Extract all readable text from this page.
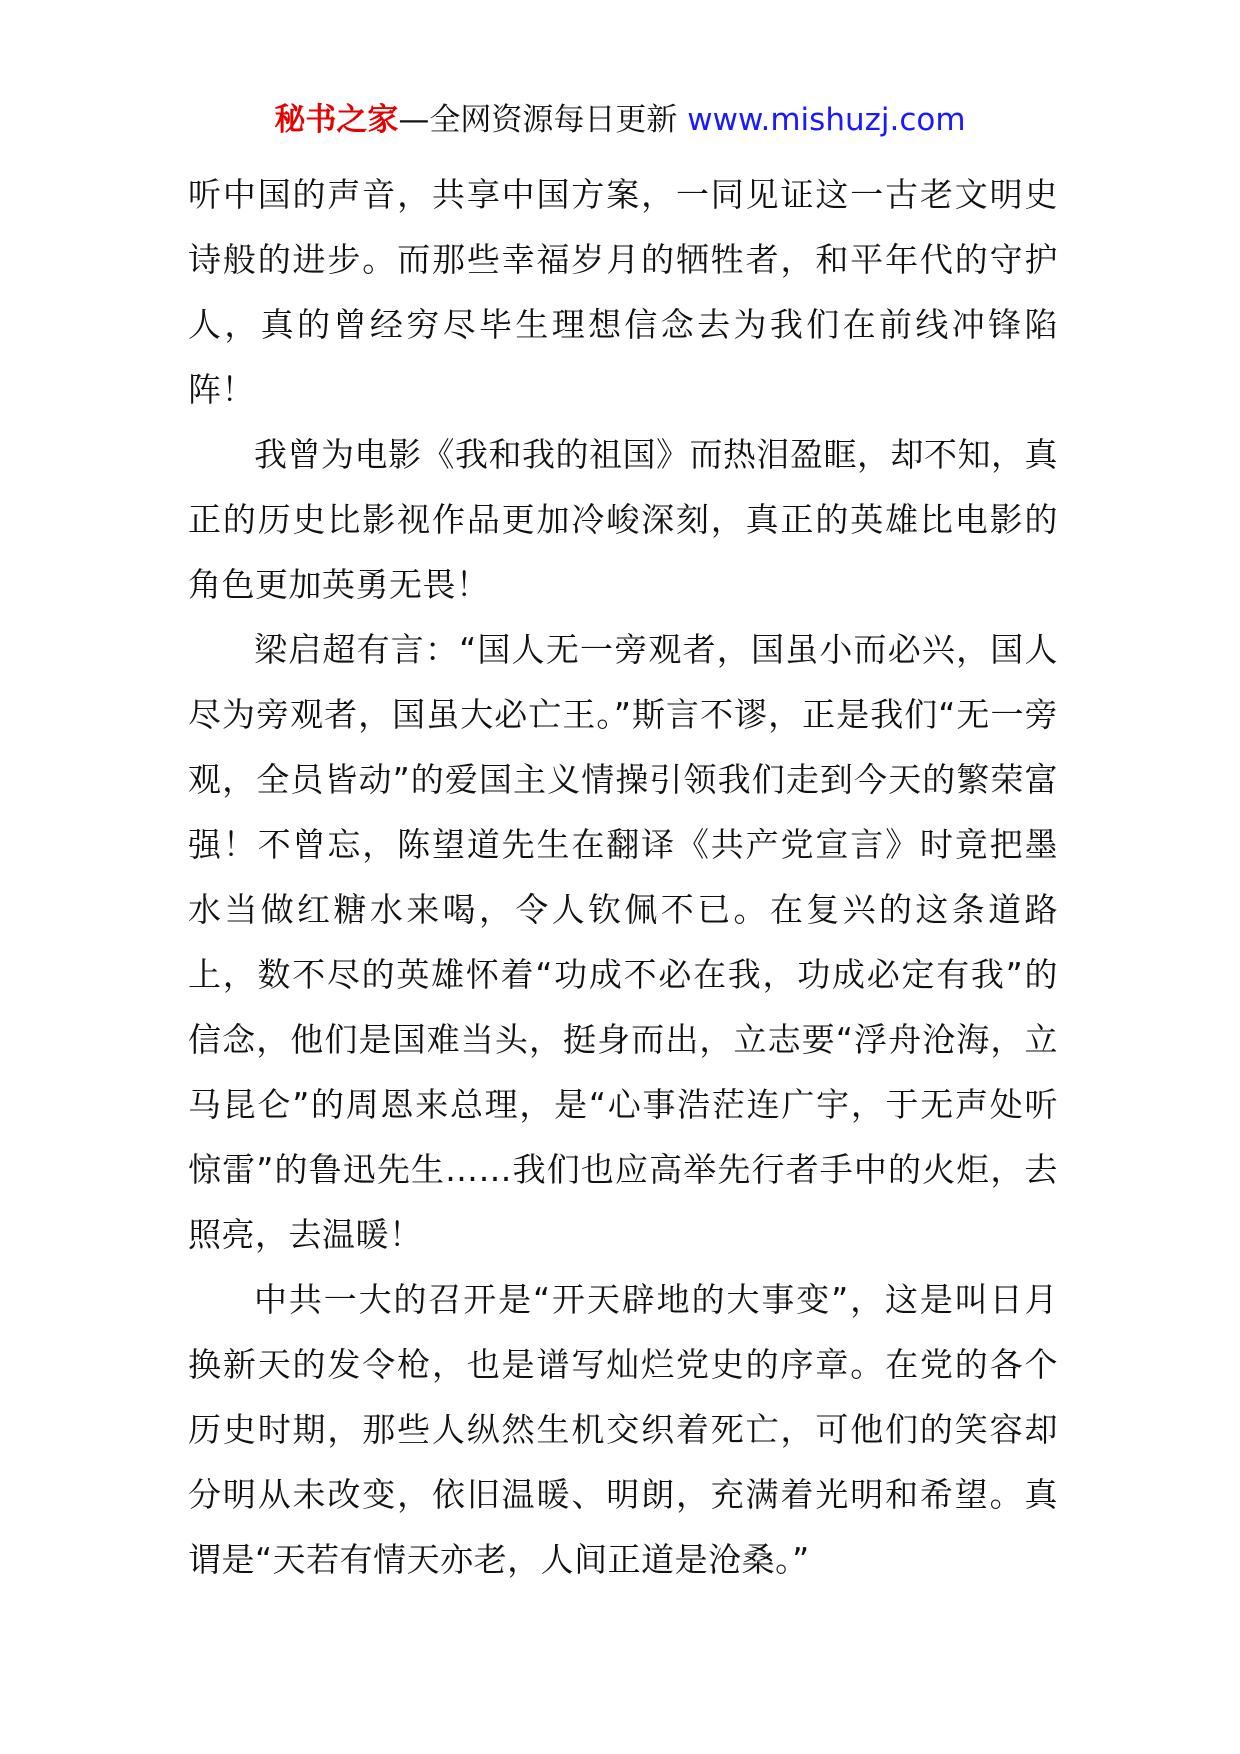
秘书之家—全网资源每日更新 www.mishuzj.com

听中国的声音，共享中国方案，一同见证这一古老文明史诗般的进步。而那些幸福岁月的牺牲者，和平年代的守护人，真的曾经穷尽毕生理想信念去为我们在前线冲锋陷阵！

我曾为电影《我和我的祖国》而热泪盈眶，却不知，真正的历史比影视作品更加冷峻深刻，真正的英雄比电影的角色更加英勇无畏！

梁启超有言：“国人无一旁观者，国虽小而必兴，国人尽为旁观者，国虽大必亡王。”斯言不谬，正是我们“无一旁观，全员皆动”的爱国主义情操引领我们走到今天的繁荣富强！不曾忘，陈望道先生在翻译《共产党宣言》时竟把墨水当做红糖水来喝，令人钦佩不已。在复兴的这条道路上，数不尽的英雄怀着“功成不必在我，功成必定有我”的信念，他们是国难当头，挺身而出，立志要“浮舟沧海，立马昆仑”的周恩来总理，是“心事浩茫连广宇，于无声处听惊雷”的鲁迅先生……我们也应高举先行者手中的火炬，去照亮，去温暖！

中共一大的召开是“开天辟地的大事变”，这是叫日月换新天的发令枪，也是谱写灿烂党史的序章。在党的各个历史时期，那些人纵然生机交织着死亡，可他们的笑容却分明从未改变，依旧温暖、明朗，充满着光明和希望。真谓是“天若有情天亦老，人间正道是沧桑。”
